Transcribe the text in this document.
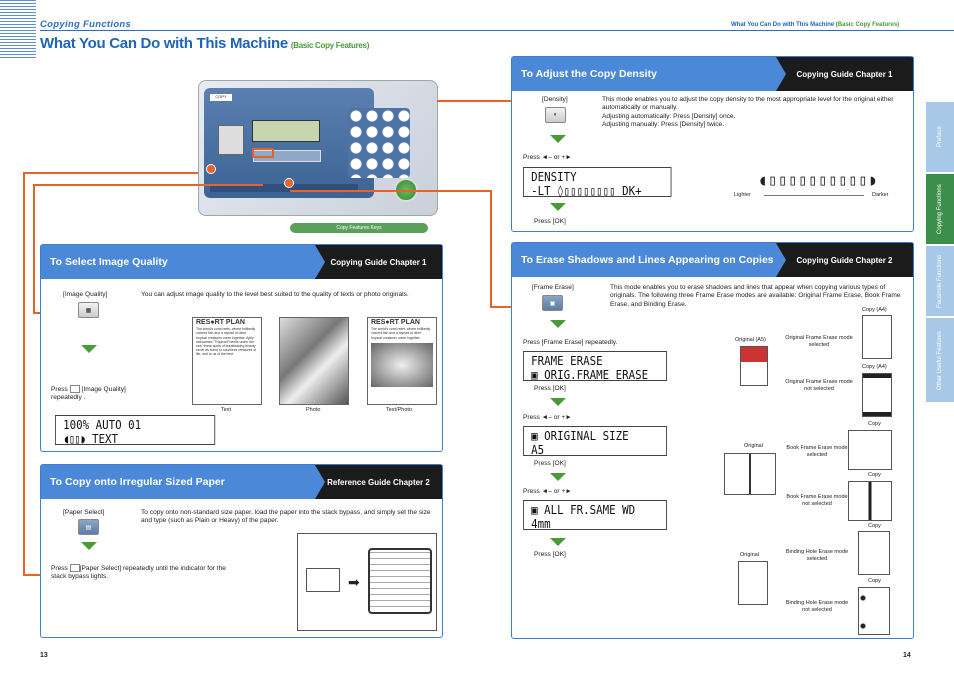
Copying Functions
What You Can Do with This Machine (Basic Copy Features)
What You Can Do with This Machine (Basic Copy Features)
COPY
Copy Features Keys
To Select Image Quality	Copying Guide Chapter 1
[Image Quality]
▦
You can adjust image quality to the level best suited to the quality of texts or photo originals.
Press [Image Quality]
repeatedly .
100% AUTO 01
◖▯▯◗ TEXT
RES●RT PLAN
The world's coral reefs, where brilliantly colored fish and a myriad of other tropical creatures come together. Aptly nicknamed "Tropical Friends under the sea" these spots of breathtaking beauty serve as home to countless creatures of life, and to us of the best.
RES●RT PLAN
The world's coral reefs, where brilliantly colored fish and a myriad of other tropical creatures come together.
Text	Photo	Text/Photo
To Copy onto Irregular Sized Paper	Reference Guide Chapter 2
[Paper Select]
▤
To copy onto non-standard size paper, load the paper into the stack bypass, and simply set the size and type (such as Plain or Heavy) of the paper.
Press [Paper Select] repeatedly until the indicator for the stack bypass lights.	➡
To Adjust the Copy Density	Copying Guide Chapter 1
[Density]
◐
This mode enables you to adjust the copy density to the most appropriate level for the original either automatically or manually.
Adjusting automatically: Press [Density] once.
Adjusting manually: Press [Density] twice.
Press ◄– or +►
DENSITY
-LT ◊▯▯▯▯▯▯▯▯ DK+
Press [OK]
◖▯▯▯▯▯▯▯▯▯▯◗
Lighter	Darker
To Erase Shadows and Lines Appearing on Copies	Copying Guide Chapter 2
[Frame Erase]
▣
This mode enables you to erase shadows and lines that appear when copying various types of originals. The following three Frame Erase modes are available: Original Frame Erase, Book Frame Erase, and Binding Erase.
Press [Frame Erase] repeatedly.
FRAME ERASE
▣ ORIG.FRAME ERASE
Press [OK]
Press ◄– or +►
▣ ORIGINAL SIZE
A5
Press [OK]
Press ◄– or +►
▣ ALL FR.SAME WD
4mm
Press [OK]
Original (A5)	Original Frame Erase mode selected
Original Frame Erase mode not selected
Copy (A4)
Copy (A4)
Original	Book Frame Erase mode selected
Book Frame Erase mode not selected
Copy
Copy
Original	Binding Hole Erase mode selected
Binding Hole Erase mode not selected
Copy
Copy
Preface
Copying Functions
Facsimile Functions
Other Useful Features
13	14
